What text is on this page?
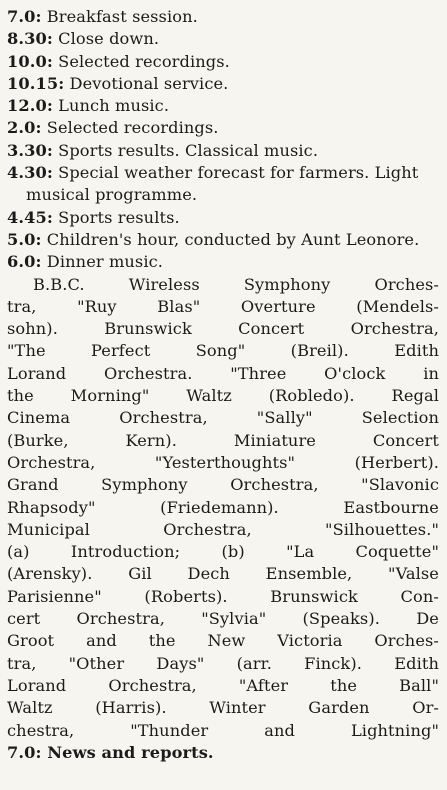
7.0: Breakfast session.

8.30: Close down.

10.0: Selected recordings.

10.15: Devotional service.

12.0: Lunch music.

2.0: Selected recordings.

3.30: Sports results. Classical music.

4.30: Special weather forecast for farmers. Light musical programme.

4.45: Sports results.

5.0: Children's hour, conducted by Aunt Leonore.

6.0: Dinner music.

B.B.C. Wireless Symphony Orches-
tra, "Ruy Blas" Overture (Mendels-
sohn). Brunswick Concert Orchestra,
"The Perfect Song" (Breil). Edith
Lorand Orchestra. "Three O'clock in
the Morning" Waltz (Robledo). Regal
Cinema Orchestra, "Sally" Selection
(Burke, Kern). Miniature Concert
Orchestra, "Yesterthoughts" (Herbert).
Grand Symphony Orchestra, "Slavonic
Rhapsody" (Friedemann). Eastbourne
Municipal Orchestra, "Silhouettes."
(a) Introduction; (b) "La Coquette"
(Arensky). Gil Dech Ensemble, "Valse
Parisienne" (Roberts). Brunswick Con-
cert Orchestra, "Sylvia" (Speaks). De
Groot and the New Victoria Orches-
tra, "Other Days" (arr. Finck). Edith
Lorand Orchestra, "After the Ball"
Waltz (Harris). Winter Garden Or-
chestra, "Thunder and Lightning"

7.0: News and reports.
